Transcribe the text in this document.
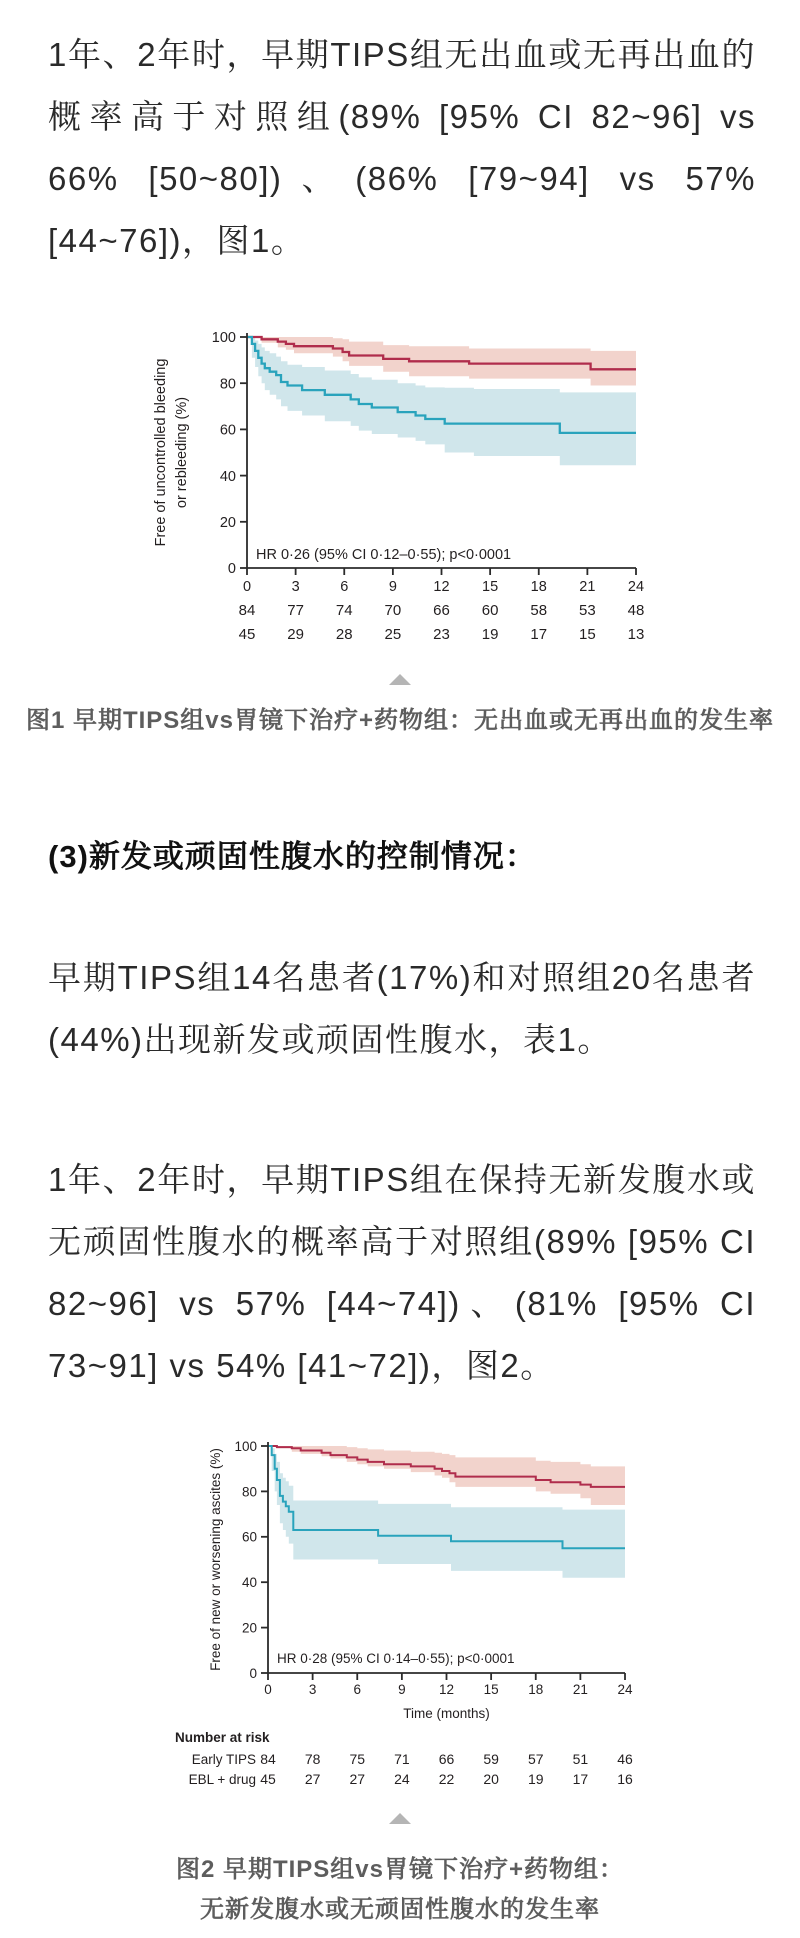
1年、2年时，早期TIPS组无出血或无再出血的概率高于对照组(89% [95% CI 82~96] vs 66% [50~80])、(86% [79~94] vs 57% [44~76])，图1。

0
20
40
60
80
100
0	3	6	9	12 15 18 21 24
HR 0·26 (95% CI 0·12–0·55); p<0·0001
Free of uncontrolled bleeding or rebleeding (%)
84 77 74 70 66 60 58 53 48
45 29 28 25 23 19 17 15 13
图1 早期TIPS组vs胃镜下治疗+药物组：无出血或无再出血的发生率
(3)新发或顽固性腹水的控制情况：

早期TIPS组14名患者(17%)和对照组20名患者(44%)出现新发或顽固性腹水，表1。

1年、2年时，早期TIPS组在保持无新发腹水或无顽固性腹水的概率高于对照组(89% [95% CI 82~96] vs 57% [44~74])、(81% [95% CI 73~91] vs 54% [41~72])，图2。

0
20
40
60
80
100
0	3	6	9 12 15 18 21 24
HR 0·28 (95% CI 0·14–0·55); p<0·0001
Free of new or worsening ascites (%)
Time (months)
Number at risk
Early TIPS 84 78 75 71 66 59 57 51 46
EBL + drug 45 27 27 24 22 20 19 17 16
图2 早期TIPS组vs胃镜下治疗+药物组：
无新发腹水或无顽固性腹水的发生率
